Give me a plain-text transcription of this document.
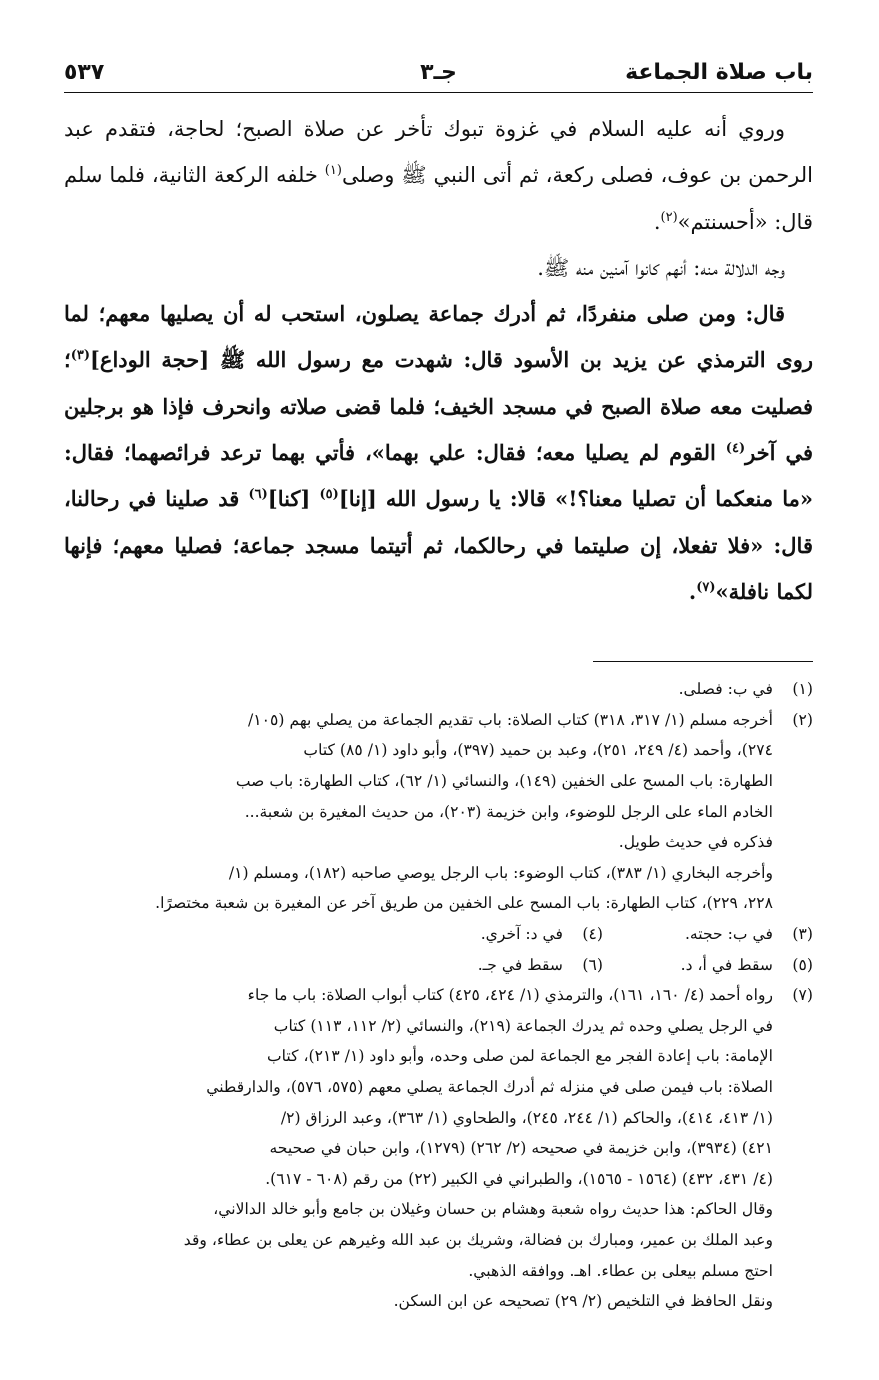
باب صلاة الجماعة
جـ٣
٥٣٧

وروي أنه عليه السلام في غزوة تبوك تأخر عن صلاة الصبح؛ لحاجة، فتقدم عبد الرحمن بن عوف، فصلى ركعة، ثم أتى النبي ﷺ وصلى$^{(١)}$ خلفه الركعة الثانية، فلما سلم قال: «أحسنتم»$^{(٢)}$.

وجه الدلالة منه: أنهم كانوا آمنين منه ﷺ.

قال: ومن صلى منفردًا، ثم أدرك جماعة يصلون، استحب له أن يصليها معهم؛ لما روى الترمذي عن يزيد بن الأسود قال: شهدت مع رسول الله ﷺ [حجة الوداع]$^{(٣)}$؛ فصليت معه صلاة الصبح في مسجد الخيف؛ فلما قضى صلاته وانحرف فإذا هو برجلين في آخر$^{(٤)}$ القوم لم يصليا معه؛ فقال: علي بهما»، فأتي بهما ترعد فرائصهما؛ فقال: «ما منعكما أن تصليا معنا؟!» قالا: يا رسول الله [إنا]$^{(٥)}$ [كنا]$^{(٦)}$ قد صلينا في رحالنا، قال: «فلا تفعلا، إن صليتما في رحالكما، ثم أتيتما مسجد جماعة؛ فصليا معهم؛ فإنها لكما نافلة»$^{(٧)}$.

(١)
في ب: فصلى.
(٢)
أخرجه مسلم (١/ ٣١٧، ٣١٨) كتاب الصلاة: باب تقديم الجماعة من يصلي بهم (١٠٥/
٢٧٤)، وأحمد (٤/ ٢٤٩، ٢٥١)، وعبد بن حميد (٣٩٧)، وأبو داود (١/ ٨٥) كتاب
الطهارة: باب المسح على الخفين (١٤٩)، والنسائي (١/ ٦٢)، كتاب الطهارة: باب صب
الخادم الماء على الرجل للوضوء، وابن خزيمة (٢٠٣)، من حديث المغيرة بن شعبة...
فذكره في حديث طويل.
وأخرجه البخاري (١/ ٣٨٣)، كتاب الوضوء: باب الرجل يوصي صاحبه (١٨٢)، ومسلم (١/
٢٢٨، ٢٢٩)، كتاب الطهارة: باب المسح على الخفين من طريق آخر عن المغيرة بن شعبة مختصرًا.
(٣)
في ب: حجته.
(٤)
في د: آخري.
(٥)
سقط في أ، د.
(٦)
سقط في جـ.
(٧)
رواه أحمد (٤/ ١٦٠، ١٦١)، والترمذي (١/ ٤٢٤، ٤٢٥) كتاب أبواب الصلاة: باب ما جاء
في الرجل يصلي وحده ثم يدرك الجماعة (٢١٩)، والنسائي (٢/ ١١٢، ١١٣) كتاب
الإمامة: باب إعادة الفجر مع الجماعة لمن صلى وحده، وأبو داود (١/ ٢١٣)، كتاب
الصلاة: باب فيمن صلى في منزله ثم أدرك الجماعة يصلي معهم (٥٧٥، ٥٧٦)، والدارقطني
(١/ ٤١٣، ٤١٤)، والحاكم (١/ ٢٤٤، ٢٤٥)، والطحاوي (١/ ٣٦٣)، وعبد الرزاق (٢/
٤٢١) (٣٩٣٤)، وابن خزيمة في صحيحه (٢/ ٢٦٢) (١٢٧٩)، وابن حبان في صحيحه
(٤/ ٤٣١، ٤٣٢) (١٥٦٤ - ١٥٦٥)، والطبراني في الكبير (٢٢) من رقم (٦٠٨ - ٦١٧).
وقال الحاكم: هذا حديث رواه شعبة وهشام بن حسان وغيلان بن جامع وأبو خالد الدالاني،
وعبد الملك بن عمير، ومبارك بن فضالة، وشريك بن عبد الله وغيرهم عن يعلى بن عطاء، وقد
احتج مسلم بيعلى بن عطاء. اهـ. ووافقه الذهبي.
ونقل الحافظ في التلخيص (٢/ ٢٩) تصحيحه عن ابن السكن.
